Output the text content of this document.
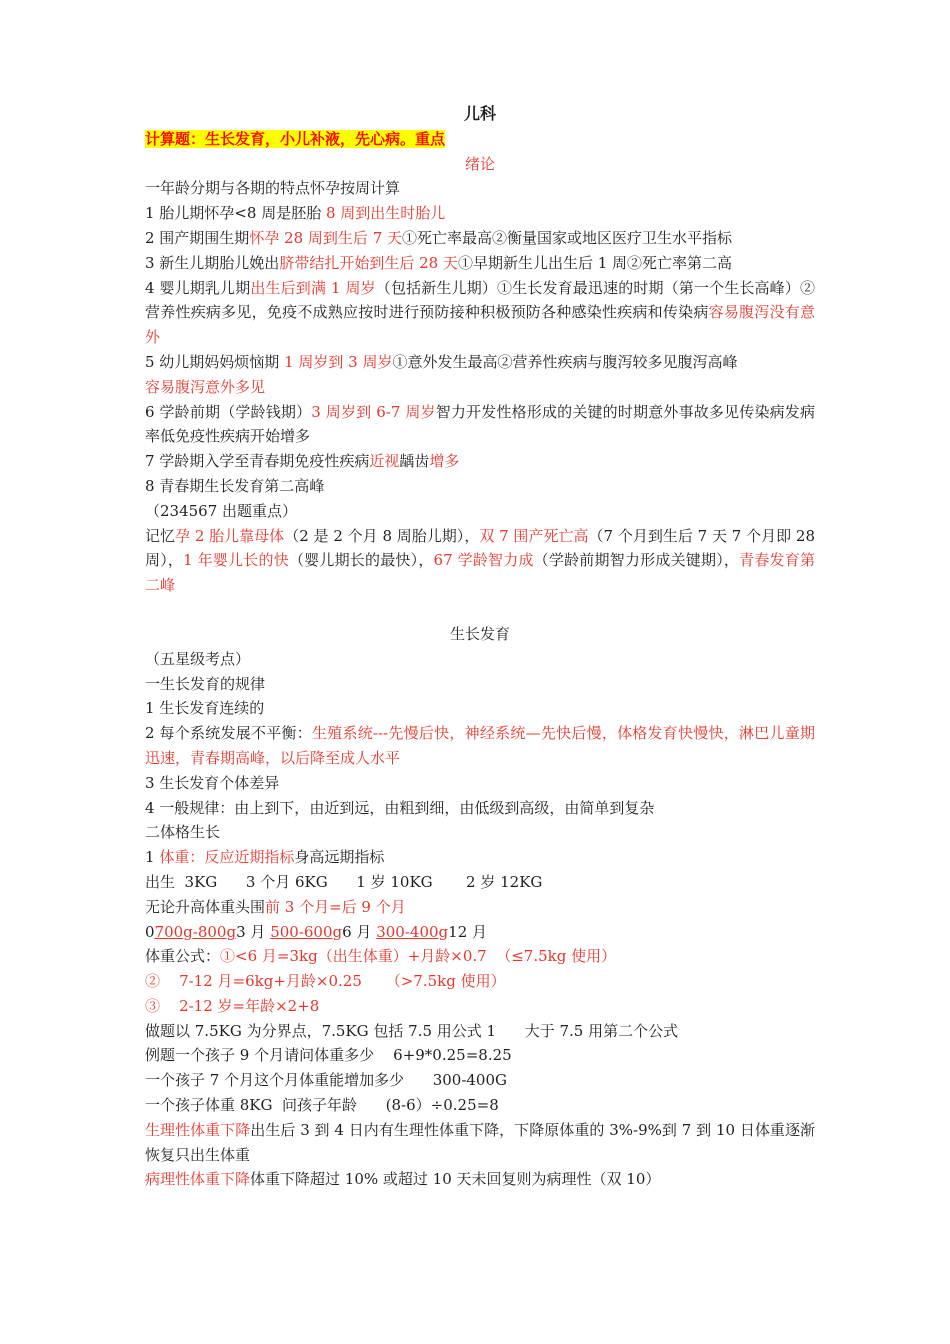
儿科
计算题：生长发育，小儿补液，先心病。重点
绪论
一年龄分期与各期的特点怀孕按周计算
1 胎儿期怀孕<8 周是胚胎 8 周到出生时胎儿
2 围产期围生期怀孕 28 周到生后 7 天①死亡率最高②衡量国家或地区医疗卫生水平指标
3 新生儿期胎儿娩出脐带结扎开始到生后 28 天①早期新生儿出生后 1 周②死亡率第二高
4 婴儿期乳儿期出生后到满 1 周岁（包括新生儿期）①生长发育最迅速的时期（第一个生长高峰）②营养性疾病多见，免疫不成熟应按时进行预防接种积极预防各种感染性疾病和传染病容易腹泻没有意外
5 幼儿期妈妈烦恼期 1 周岁到 3 周岁①意外发生最高②营养性疾病与腹泻较多见腹泻高峰
容易腹泻意外多见
6 学龄前期（学龄钱期）3 周岁到 6-7 周岁智力开发性格形成的关键的时期意外事故多见传染病发病率低免疫性疾病开始增多
7 学龄期入学至青春期免疫性疾病近视龋齿增多
8 青春期生长发育第二高峰
（234567 出题重点）
记忆孕 2 胎儿靠母体（2 是 2 个月 8 周胎儿期），双 7 围产死亡高（7 个月到生后 7 天 7 个月即 28 周），1 年婴儿长的快（婴儿期长的最快），67 学龄智力成（学龄前期智力形成关键期），青春发育第二峰
生长发育
（五星级考点）
一生长发育的规律
1 生长发育连续的
2 每个系统发展不平衡：生殖系统---先慢后快，神经系统—先快后慢，体格发育快慢快，淋巴儿童期迅速，青春期高峰，以后降至成人水平
3 生长发育个体差异
4 一般规律：由上到下，由近到远，由粗到细，由低级到高级，由简单到复杂
二体格生长
1 体重：反应近期指标身高远期指标
出生  3KG      3 个月 6KG      1 岁 10KG       2 岁 12KG
无论升高体重头围前 3 个月=后 9 个月
0700g-800g3 月 500-600g6 月 300-400g12 月
体重公式：①<6 月=3kg（出生体重）+月龄×0.7  （≤7.5kg 使用）
②    7-12 月=6kg+月龄×0.25     （>7.5kg 使用）
③    2-12 岁=年龄×2+8
做题以 7.5KG 为分界点，7.5KG 包括 7.5 用公式 1      大于 7.5 用第二个公式
例题一个孩子 9 个月请问体重多少    6+9*0.25=8.25
一个孩子 7 个月这个月体重能增加多少      300-400G
一个孩子体重 8KG  问孩子年龄      (8-6）÷0.25=8
生理性体重下降出生后 3 到 4 日内有生理性体重下降，下降原体重的 3%-9%到 7 到 10 日体重逐渐恢复只出生体重
病理性体重下降体重下降超过 10% 或超过 10 天未回复则为病理性（双 10）
